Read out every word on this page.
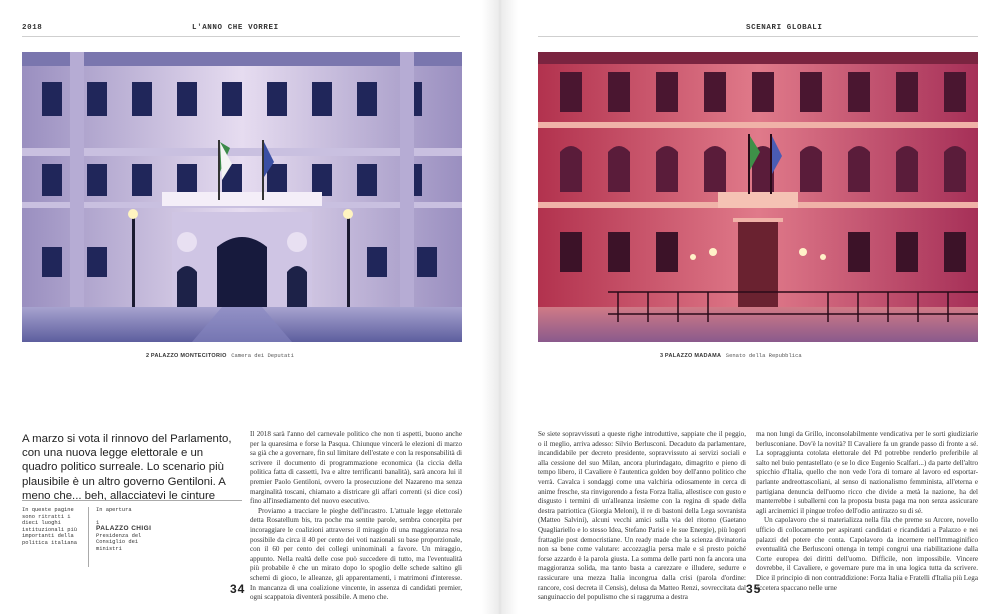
2018	L'ANNO CHE VORREI
2 PALAZZO MONTECITORIO Camera dei Deputati
A marzo si vota il rinnovo del Parlamento, con una nuova legge elettorale e un quadro politico surreale. Lo scenario più plausibile è un altro governo Gentiloni. A meno che... beh, allacciatevi le cinture
In queste pagine sono ritratti i dieci luoghi istituzionali più importanti della politica italiana
In apertura
1
PALAZZO CHIGI
Presidenza del Consiglio dei ministri

Il 2018 sarà l'anno del carnevale politico che non ti aspetti, buono anche per la quaresima e forse la Pasqua. Chiunque vincerà le elezioni di marzo sa già che a governare, fin sul limitare dell'estate e con la responsabilità di scrivere il documento di programmazione economica (la ciccia della politica fatta di cassetti, Iva e altre terrificanti banalità), sarà ancora lui il premier Paolo Gentiloni, ovvero la prosecuzione del Nazareno ma senza marginalità toscani, chiamato a districare gli affari correnti (si dice così) fino all'insediamento del nuovo esecutivo.

Proviamo a tracciare le pieghe dell'incastro. L'attuale legge elettorale detta Rosatellum bis, tra poche ma sentite parole, sembra concepita per incoraggiare le coalizioni attraverso il miraggio di una maggioranza resa possibile da circa il 40 per cento dei voti nazionali su base proporzionale, con il 60 per cento dei collegi uninominali a favore. Un miraggio, appunto. Nella realtà delle cose può succedere di tutto, ma l'eventualità più probabile è che un mirato dopo lo spoglio delle schede saltino gli schemi di gioco, le alleanze, gli apparentamenti, i matrimoni d'interesse. In mancanza di una coalizione vincente, in assenza di candidati premier, ogni scappatoia diventerà possibile. A meno che.

34
SCENARI GLOBALI
3 PALAZZO MADAMA Senato della Repubblica

Se siete sopravvissuti a queste righe introduttive, sappiate che il peggio, o il meglio, arriva adesso: Silvio Berlusconi. Decaduto da parlamentare, incandidabile per decreto presidente, sopravvissuto ai servizi sociali e alla cessione del suo Milan, ancora plurindagato, dimagrito e pieno di tempo libero, il Cavaliere è l'autentica golden boy dell'anno politico che verrà. Cavalca i sondaggi come una valchiria odiosamente in cerca di anime fresche, sta rinvigorendo a festa Forza Italia, allestisce con gusto e disgusto i termini di un'alleanza insieme con la regina di spade della destra patriottica (Giorgia Meloni), il re di bastoni della Lega sovranista (Matteo Salvini), alcuni vecchi amici sulla via del ritorno (Gaetano Quagliariello e lo stesso Idea, Stefano Parisi e le sue Energie), più logori frattaglie post democristiane. Un ready made che la scienza divinatoria non sa bene come valutare: accozzaglia persa male e sì presto poiché forse azzardo è la parola giusta. La somma delle parti non fa ancora una maggioranza solida, ma tanto basta a carezzare e illudere, sedurre e rassicurare una mezza Italia incongrua dalla crisi (parola d'ordine: rancore, così decreta il Censis), delusa da Matteo Renzi, sovreccitata dal sanguinaccio del populismo che si raggruma a destra

ma non lungi da Grillo, inconsolabilmente vendicativa per le sorti giudiziarie berlusconiane. Dov'è la novità? Il Cavaliere fa un grande passo di fronte a sé. La sopraggiunta cotolata elettorale del Pd potrebbe renderlo preferibile al salto nel buio pentastellato (e se lo dice Eugenio Scalfari...) da parte dell'altro spicchio d'Italia, quello che non vede l'ora di tornare al lavoro ed esportar-parlante andreottascoliani, al senso di nazionalismo femminista, all'eterna e partigiana denuncia dell'uomo ricco che divide a metà la nazione, ha del manterrebbe i suballerni con la proposta busta paga ma non senza assicurare agli arcinemici il pingue trofeo dell'odio antirazzo su di sé.

Un capolavoro che si materializza nella fila che preme su Arcore, novello ufficio di collocamento per aspiranti candidati e ricandidati a Palazzo e nei palazzi del potere che conta. Capolavoro da incernere nell'immaginifico eventualità che Berlusconi ottenga in tempi congrui una riabilitazione dalla Corte europea dei diritti dell'uomo. Difficile, non impossibile. Vincere dovrebbe, il Cavaliere, e governare pure ma in una logica tutta da scrivere. Dice il principio di non contraddizione: Forza Italia e Fratelli d'Italia più Lega eccetera spaccano nelle urne

35
